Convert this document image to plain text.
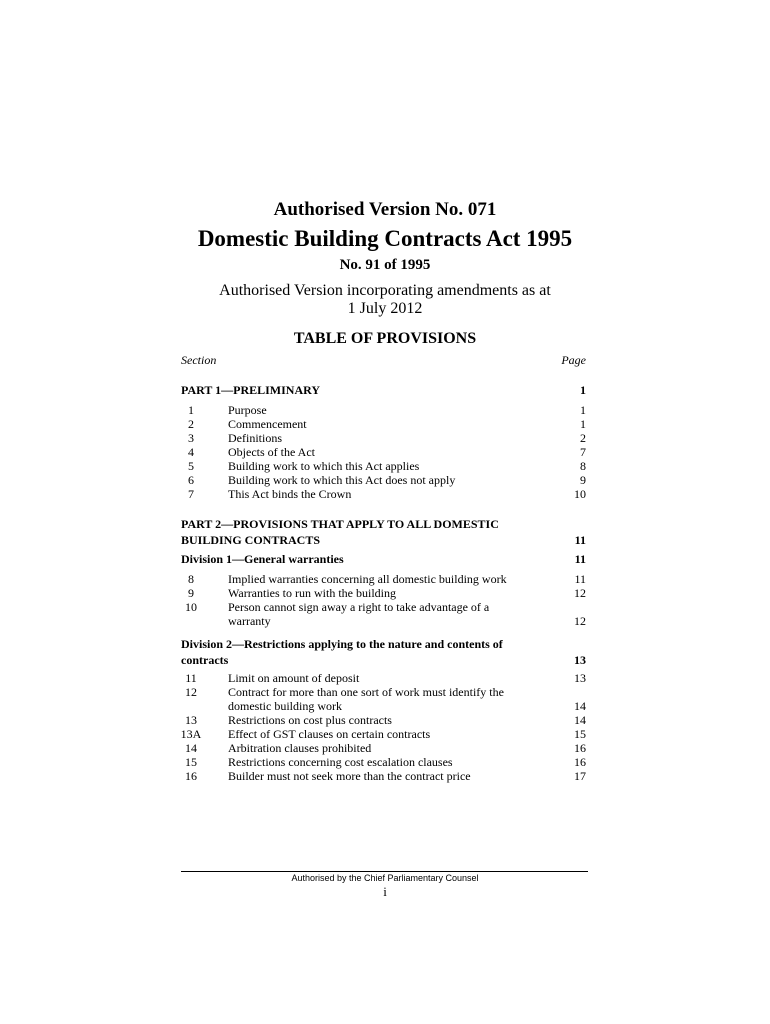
Authorised Version No. 071
Domestic Building Contracts Act 1995
No. 91 of 1995
Authorised Version incorporating amendments as at
1 July 2012
TABLE OF PROVISIONS
Section	Page
PART 1—PRELIMINARY	1
1	Purpose	1
2	Commencement	1
3	Definitions	2
4	Objects of the Act	7
5	Building work to which this Act applies	8
6	Building work to which this Act does not apply	9
7	This Act binds the Crown	10
PART 2—PROVISIONS THAT APPLY TO ALL DOMESTIC
BUILDING CONTRACTS	11
Division 1—General warranties	11
8	Implied warranties concerning all domestic building work	11
9	Warranties to run with the building	12
10	Person cannot sign away a right to take advantage of a
warranty	12
Division 2—Restrictions applying to the nature and contents of
contracts	13
11	Limit on amount of deposit	13
12	Contract for more than one sort of work must identify the
domestic building work	14
13	Restrictions on cost plus contracts	14
13A	Effect of GST clauses on certain contracts	15
14	Arbitration clauses prohibited	16
15	Restrictions concerning cost escalation clauses	16
16	Builder must not seek more than the contract price	17
Authorised by the Chief Parliamentary Counsel
i
